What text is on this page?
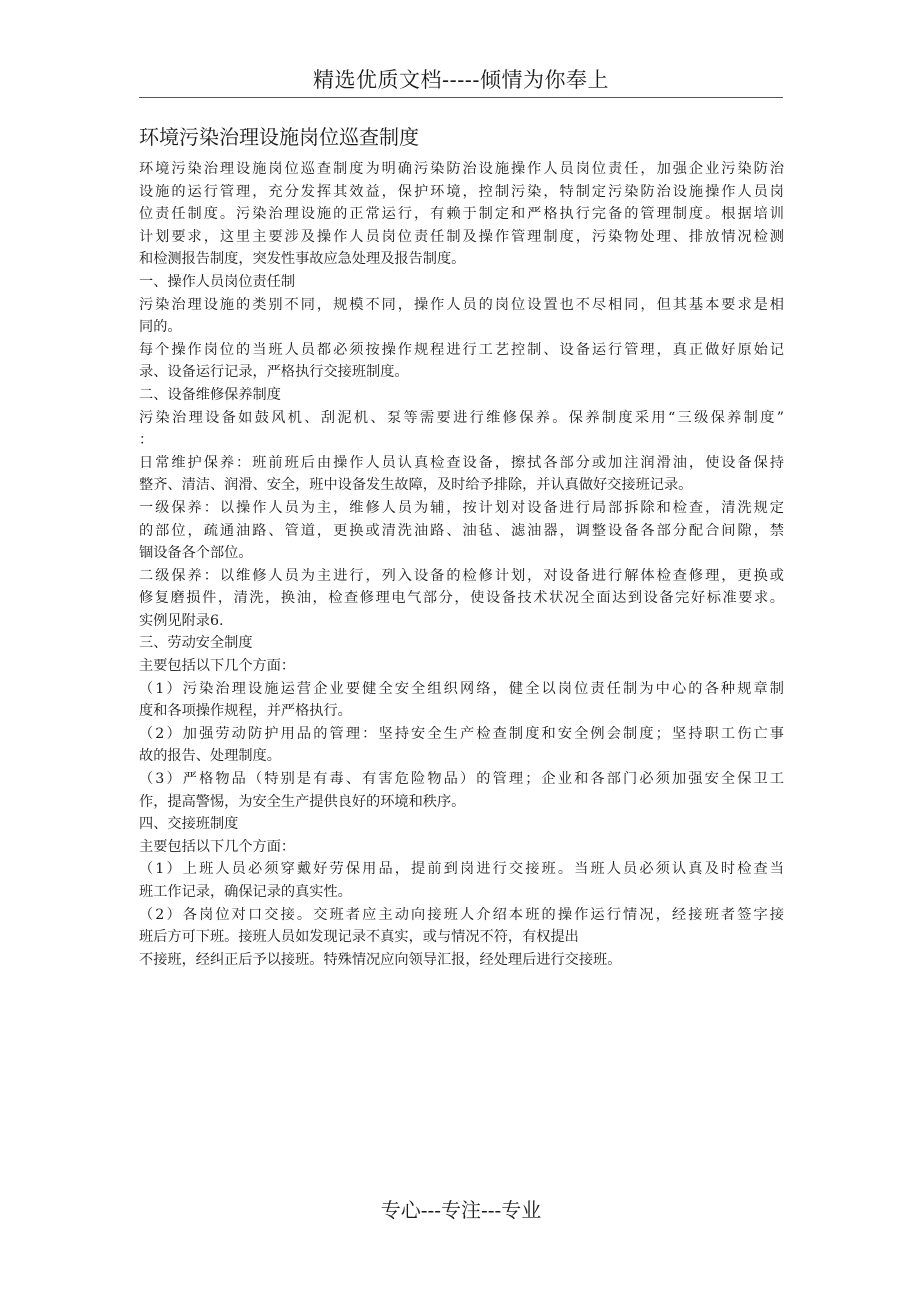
精选优质文档-----倾情为你奉上
环境污染治理设施岗位巡查制度
环境污染治理设施岗位巡查制度为明确污染防治设施操作人员岗位责任，加强企业污染防治
设施的运行管理，充分发挥其效益，保护环境，控制污染，特制定污染防治设施操作人员岗
位责任制度。污染治理设施的正常运行，有赖于制定和严格执行完备的管理制度。根据培训
计划要求，这里主要涉及操作人员岗位责任制及操作管理制度，污染物处理、排放情况检测
和检测报告制度，突发性事故应急处理及报告制度。
一、操作人员岗位责任制
污染治理设施的类别不同，规模不同，操作人员的岗位设置也不尽相同，但其基本要求是相
同的。
每个操作岗位的当班人员都必须按操作规程进行工艺控制、设备运行管理，真正做好原始记
录、设备运行记录，严格执行交接班制度。
二、设备维修保养制度
污染治理设备如鼓风机、刮泥机、泵等需要进行维修保养。保养制度采用“三级保养制度”
：
日常维护保养：班前班后由操作人员认真检查设备，擦拭各部分或加注润滑油，使设备保持
整齐、清洁、润滑、安全，班中设备发生故障，及时给予排除，并认真做好交接班记录。
一级保养：以操作人员为主，维修人员为辅，按计划对设备进行局部拆除和检查，清洗规定
的部位，疏通油路、管道，更换或清洗油路、油毡、滤油器，调整设备各部分配合间隙，禁
锢设备各个部位。
二级保养：以维修人员为主进行，列入设备的检修计划，对设备进行解体检查修理，更换或
修复磨损件，清洗，换油，检查修理电气部分，使设备技术状况全面达到设备完好标准要求。
实例见附录6.
三、劳动安全制度
主要包括以下几个方面：
（1）污染治理设施运营企业要健全安全组织网络，健全以岗位责任制为中心的各种规章制
度和各项操作规程，并严格执行。
（2）加强劳动防护用品的管理：坚持安全生产检查制度和安全例会制度；坚持职工伤亡事
故的报告、处理制度。
（3）严格物品（特别是有毒、有害危险物品）的管理；企业和各部门必须加强安全保卫工
作，提高警惕，为安全生产提供良好的环境和秩序。
四、交接班制度
主要包括以下几个方面：
（1）上班人员必须穿戴好劳保用品，提前到岗进行交接班。当班人员必须认真及时检查当
班工作记录，确保记录的真实性。
（2）各岗位对口交接。交班者应主动向接班人介绍本班的操作运行情况，经接班者签字接
班后方可下班。接班人员如发现记录不真实，或与情况不符，有权提出
不接班，经纠正后予以接班。特殊情况应向领导汇报，经处理后进行交接班。
专心---专注---专业
